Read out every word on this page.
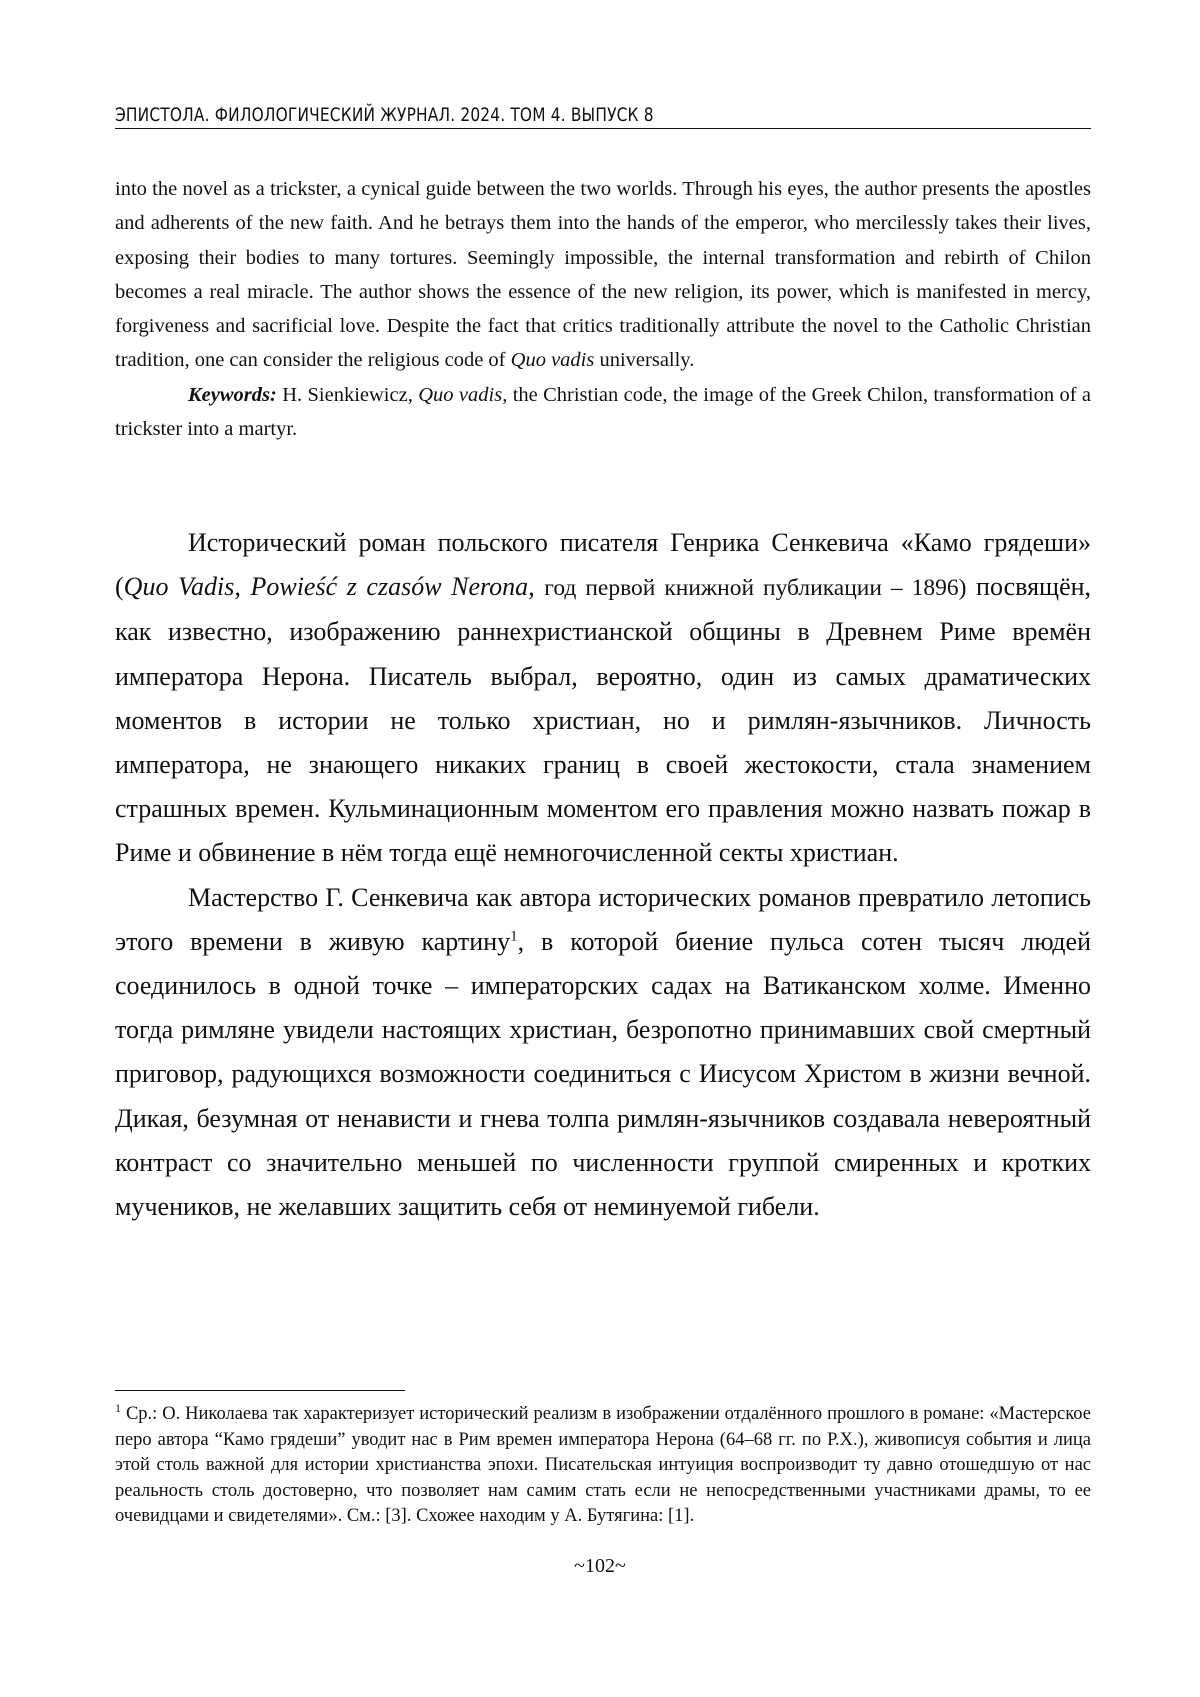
ЭПИСТОЛА. ФИЛОЛОГИЧЕСКИЙ ЖУРНАЛ. 2024. ТОМ 4. ВЫПУСК 8

into the novel as a trickster, a cynical guide between the two worlds. Through his eyes, the author presents the apostles and adherents of the new faith. And he betrays them into the hands of the emperor, who mercilessly takes their lives, exposing their bodies to many tortures. Seemingly impossible, the internal transformation and rebirth of Chilon becomes a real miracle. The author shows the essence of the new religion, its power, which is manifested in mercy, forgiveness and sacrificial love. Despite the fact that critics traditionally attribute the novel to the Catholic Christian tradition, one can consider the religious code of Quo vadis universally.

Keywords: H. Sienkiewicz, Quo vadis, the Christian code, the image of the Greek Chilon, transformation of a trickster into a martyr.

Исторический роман польского писателя Генрика Сенкевича «Камо грядеши» (Quo Vadis, Powieść z czasów Nerona, год первой книжной публикации – 1896) посвящён, как известно, изображению раннехристианской общины в Древнем Риме времён императора Нерона. Писатель выбрал, вероятно, один из самых драматических моментов в истории не только христиан, но и римлян-язычников. Личность императора, не знающего никаких границ в своей жестокости, стала знамением страшных времен. Кульминационным моментом его правления можно назвать пожар в Риме и обвинение в нём тогда ещё немногочисленной секты христиан.

Мастерство Г. Сенкевича как автора исторических романов превратило летопись этого времени в живую картину$^1$, в которой биение пульса сотен тысяч людей соединилось в одной точке – императорских садах на Ватиканском холме. Именно тогда римляне увидели настоящих христиан, безропотно принимавших свой смертный приговор, радующихся возможности соединиться с Иисусом Христом в жизни вечной. Дикая, безумная от ненависти и гнева толпа римлян-язычников создавала невероятный контраст со значительно меньшей по численности группой смиренных и кротких мучеников, не желавших защитить себя от неминуемой гибели.

$^1$ Ср.: О. Николаева так характеризует исторический реализм в изображении отдалённого прошлого в романе: «Мастерское перо автора “Камо грядеши” уводит нас в Рим времен императора Нерона (64–68 гг. по Р.Х.), живописуя события и лица этой столь важной для истории христианства эпохи. Писательская интуиция воспроизводит ту давно отошедшую от нас реальность столь достоверно, что позволяет нам самим стать если не непосредственными участниками драмы, то ее очевидцами и свидетелями». См.: [3]. Схожее находим у А. Бутягина: [1].

~102~
